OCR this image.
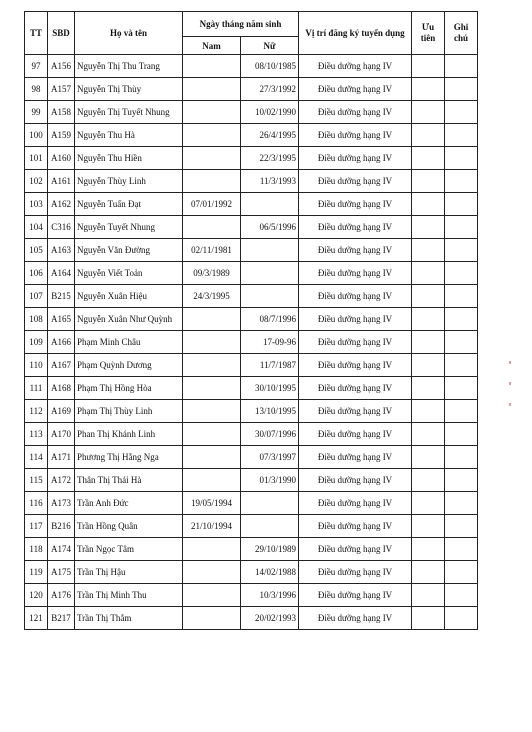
TT	SBD	Họ và tên	Ngày tháng năm sinh		Vị trí đăng ký tuyển dụng	Ưu tiên	Ghi chú
			Nam	Nữ			
97	A156	Nguyễn Thị Thu Trang		08/10/1985	Điều dưỡng hạng IV		
98	A157	Nguyễn Thị Thùy		27/3/1992	Điều dưỡng hạng IV		
99	A158	Nguyễn Thị Tuyết Nhung		10/02/1990	Điều dưỡng hạng IV		
100	A159	Nguyễn Thu Hà		26/4/1995	Điều dưỡng hạng IV		
101	A160	Nguyễn Thu Hiền		22/3/1995	Điều dưỡng hạng IV		
102	A161	Nguyễn Thùy Linh		11/3/1993	Điều dưỡng hạng IV		
103	A162	Nguyễn Tuấn Đạt	07/01/1992		Điều dưỡng hạng IV		
104	C316	Nguyễn Tuyết Nhung		06/5/1996	Điều dưỡng hạng IV		
105	A163	Nguyễn Văn Đường	02/11/1981		Điều dưỡng hạng IV		
106	A164	Nguyễn Viết Toản	09/3/1989		Điều dưỡng hạng IV		
107	B215	Nguyễn Xuân Hiệu	24/3/1995		Điều dưỡng hạng IV		
108	A165	Nguyễn Xuân Như Quỳnh		08/7/1996	Điều dưỡng hạng IV		
109	A166	Phạm Minh Châu		17-09-96	Điều dưỡng hạng IV		
110	A167	Phạm Quỳnh Dương		11/7/1987	Điều dưỡng hạng IV		
111	A168	Phạm Thị Hồng Hòa		30/10/1995	Điều dưỡng hạng IV		
112	A169	Phạm Thị Thùy Linh		13/10/1995	Điều dưỡng hạng IV		
113	A170	Phan Thị Khánh Linh		30/07/1996	Điều dưỡng hạng IV		
114	A171	Phương Thị Hằng Nga		07/3/1997	Điều dưỡng hạng IV		
115	A172	Thân Thị Thái Hà		01/3/1990	Điều dưỡng hạng IV		
116	A173	Trần Anh Đức	19/05/1994		Điều dưỡng hạng IV		
117	B216	Trần Hồng Quân	21/10/1994		Điều dưỡng hạng IV		
118	A174	Trần Ngọc Tâm		29/10/1989	Điều dưỡng hạng IV		
119	A175	Trần Thị Hậu		14/02/1988	Điều dưỡng hạng IV		
120	A176	Trần Thị Minh Thu		10/3/1996	Điều dưỡng hạng IV		
121	B217	Trần Thị Thắm		20/02/1993	Điều dưỡng hạng IV		
